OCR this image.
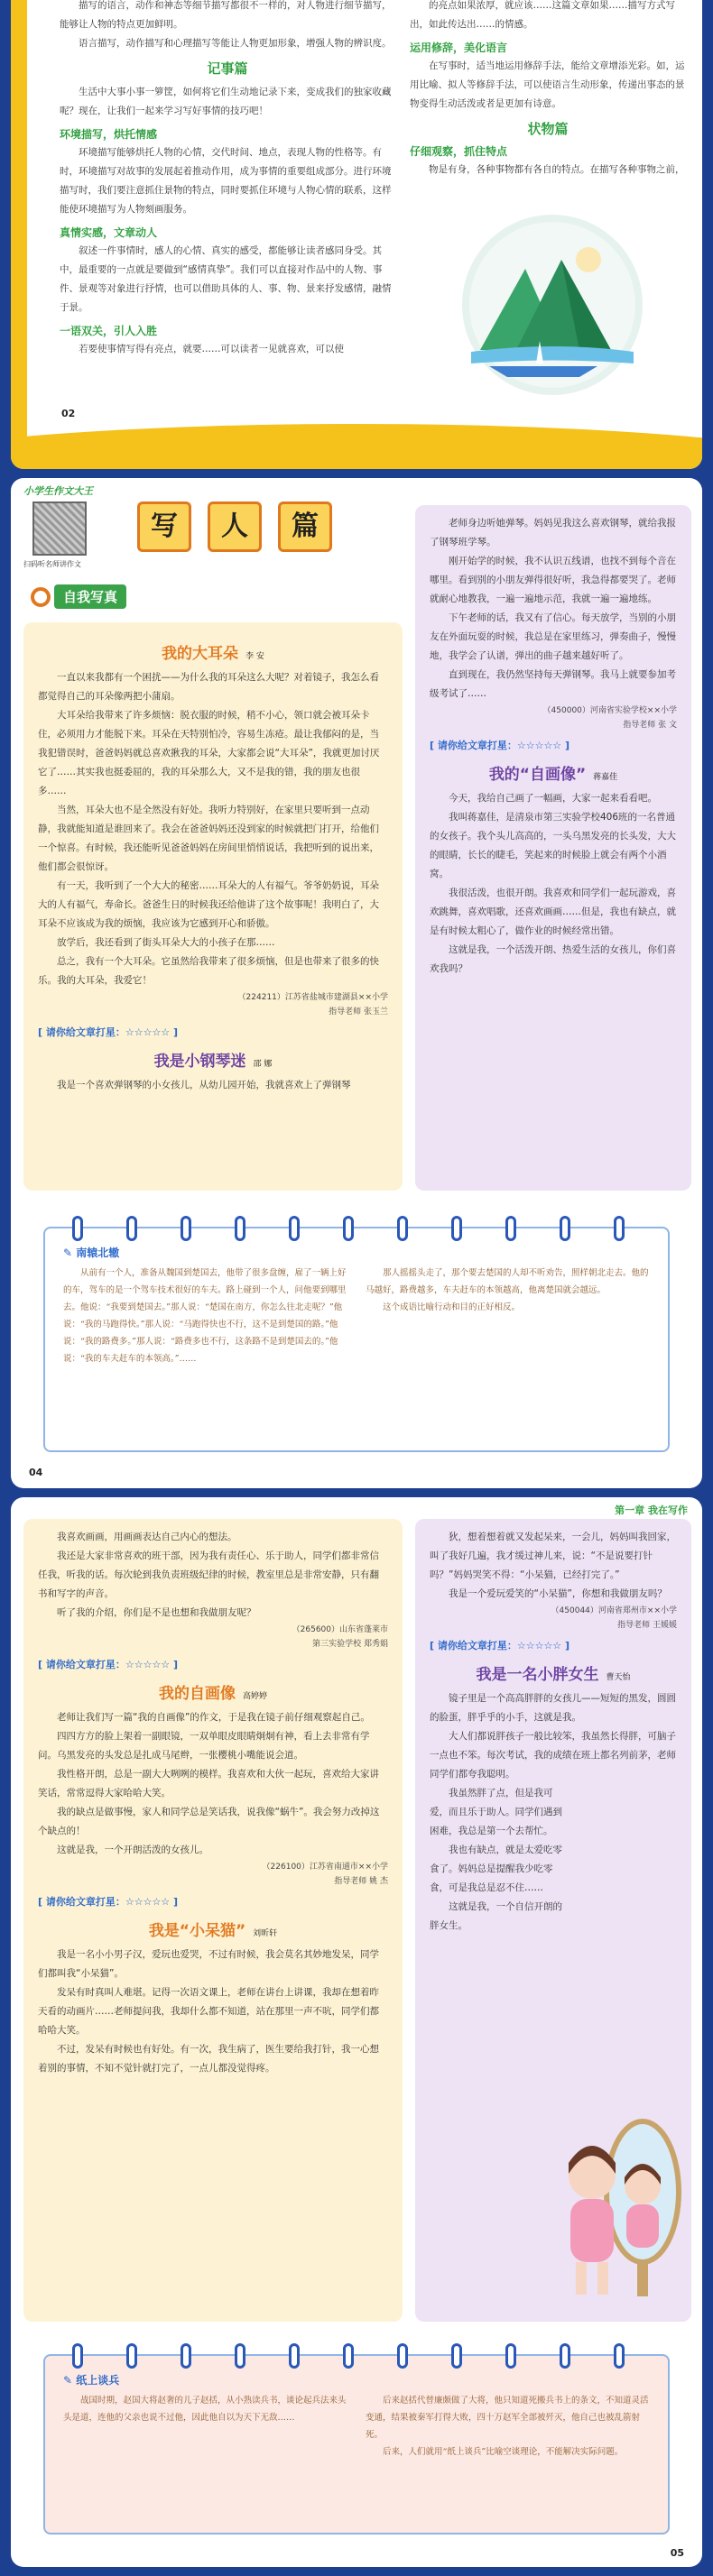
描写的语言，动作和神态等细节描写都很不一样的，对人物进行细节描写，能够让人物的特点更加鲜明。

语言描写，动作描写和心理描写等能让人物更加形象，增强人物的辨识度。

记事篇

生活中大事小事一箩筐，如何将它们生动地记录下来，变成我们的独家收藏呢？现在，让我们一起来学习写好事情的技巧吧！

环境描写，烘托情感

环境描写能够烘托人物的心情，交代时间、地点，表现人物的性格等。有时，环境描写对故事的发展起着推动作用，成为事情的重要组成部分。进行环境描写时，我们要注意抓住景物的特点，同时要抓住环境与人物心情的联系，这样能使环境描写为人物刻画服务。

真情实感，文章动人

叙述一件事情时，感人的心情、真实的感受，都能够让读者感同身受。其中，最重要的一点就是要做到“感情真挚”。我们可以直接对作品中的人物、事件、景观等对象进行抒情，也可以借助具体的人、事、物、景来抒发感情，融情于景。

一语双关，引人入胜

若要使事情写得有亮点，就要……可以读者一见就喜欢，可以使

02

的亮点如果浓厚，就应该……这篇文章如果……描写方式写出，如此传达出……的情感。

运用修辞，美化语言

在写事时，适当地运用修辞手法，能给文章增添光彩。如，运用比喻、拟人等修辞手法，可以使语言生动形象，传递出事态的景物变得生动活泼或者是更加有诗意。

状物篇
仔细观察，抓住特点

物是有身，各种事物都有各自的特点。在描写各种事物之前，

小学生作文大王
扫码听名师讲作文
写	人	篇
自我写真
我的大耳朵 李 安

一直以来我都有一个困扰——为什么我的耳朵这么大呢？对着镜子，我怎么看都觉得自己的耳朵像两把小蒲扇。

大耳朵给我带来了许多烦恼：脱衣服的时候，稍不小心，领口就会被耳朵卡住，必须用力才能脱下来。耳朵在天特别怕冷，容易生冻疮。最让我郁闷的是，当我犯错误时，爸爸妈妈就总喜欢揪我的耳朵，大家都会说“大耳朵”，我就更加讨厌它了……其实我也挺委屈的，我的耳朵那么大，又不是我的错，我的朋友也很多……

当然，耳朵大也不是全然没有好处。我听力特别好，在家里只要听到一点动静，我就能知道是谁回来了。我会在爸爸妈妈还没到家的时候就把门打开，给他们一个惊喜。有时候，我还能听见爸爸妈妈在房间里悄悄说话，我把听到的说出来，他们都会很惊讶。

有一天，我听到了一个大大的秘密……耳朵大的人有福气。爷爷奶奶说，耳朵大的人有福气，寿命长。爸爸生日的时候我还给他讲了这个故事呢！我明白了，大耳朵不应该成为我的烦恼，我应该为它感到开心和骄傲。

放学后，我还看到了街头耳朵大大的小孩子在那……

总之，我有一个大耳朵。它虽然给我带来了很多烦恼，但是也带来了很多的快乐。我的大耳朵，我爱它！

（224211）江苏省盐城市建湖县××小学

指导老师 张玉兰

[ 请你给文章打星：☆☆☆☆☆ ]

我是小钢琴迷 邵 娜

我是一个喜欢弹钢琴的小女孩儿，从幼儿园开始，我就喜欢上了弹钢琴

老师身边听她弹琴。妈妈见我这么喜欢钢琴，就给我报了钢琴班学琴。

刚开始学的时候，我不认识五线谱，也找不到每个音在哪里。看到别的小朋友弹得很好听，我急得都要哭了。老师就耐心地教我，一遍一遍地示范，我就一遍一遍地练。

下午老师的话，我又有了信心。每天放学，当别的小朋友在外面玩耍的时候，我总是在家里练习，弹奏曲子，慢慢地，我学会了认谱，弹出的曲子越来越好听了。

直到现在，我仍然坚持每天弹钢琴。我马上就要参加考级考试了……

（450000）河南省实验学校××小学

指导老师 张 文

[ 请你给文章打星：☆☆☆☆☆ ]

我的“自画像” 蒋嘉佳

今天，我给自己画了一幅画，大家一起来看看吧。

我叫蒋嘉佳，是清泉市第三实验学校406班的一名普通的女孩子。我个头儿高高的，一头乌黑发亮的长头发，大大的眼睛，长长的睫毛，笑起来的时候脸上就会有两个小酒窝。

我很活泼，也很开朗。我喜欢和同学们一起玩游戏，喜欢跳舞，喜欢唱歌，还喜欢画画……但是，我也有缺点，就是有时候太粗心了，做作业的时候经常出错。

这就是我，一个活泼开朗、热爱生活的女孩儿，你们喜欢我吗？

✎ 南辕北辙

从前有一个人，准备从魏国到楚国去，他带了很多盘缠，雇了一辆上好的车，驾车的是一个驾车技术很好的车夫。路上碰到一个人，问他要到哪里去。他说：“我要到楚国去。”那人说：“楚国在南方，你怎么往北走呢？”他说：“我的马跑得快。”那人说：“马跑得快也不行，这不是到楚国的路。”他说：“我的路费多。”那人说：“路费多也不行，这条路不是到楚国去的。”他说：“我的车夫赶车的本领高。”……

那人摇摇头走了，那个要去楚国的人却不听劝告，照样朝北走去。他的马越好，路费越多，车夫赶车的本领越高，他离楚国就会越远。

这个成语比喻行动和目的正好相反。

04
第一章 我在写作

我喜欢画画，用画画表达自己内心的想法。

我还是大家非常喜欢的班干部，因为我有责任心、乐于助人，同学们都非常信任我，听我的话。每次轮到我负责班级纪律的时候，教室里总是非常安静，只有翻书和写字的声音。

听了我的介绍，你们是不是也想和我做朋友呢？

（265600）山东省蓬莱市

第三实验学校 郑秀娟

[ 请你给文章打星：☆☆☆☆☆ ]

我的自画像 高婷婷

老师让我们写一篇“我的自画像”的作文，于是我在镜子前仔细观察起自己。

四四方方的脸上架着一副眼镜，一双单眼皮眼睛炯炯有神，看上去非常有学问。乌黑发亮的头发总是扎成马尾辫，一张樱桃小嘴能说会道。

我性格开朗，总是一副大大咧咧的模样。我喜欢和大伙一起玩，喜欢给大家讲笑话，常常逗得大家哈哈大笑。

我的缺点是做事慢，家人和同学总是笑话我，说我像“蜗牛”。我会努力改掉这个缺点的！

这就是我，一个开朗活泼的女孩儿。

（226100）江苏省南通市××小学

指导老师 姚 杰

[ 请你给文章打星：☆☆☆☆☆ ]

我是“小呆猫” 刘昕轩

我是一名小小男子汉，爱玩也爱哭，不过有时候，我会莫名其妙地发呆，同学们都叫我“小呆猫”。

发呆有时真叫人难堪。记得一次语文课上，老师在讲台上讲课，我却在想着昨天看的动画片……老师提问我，我却什么都不知道，站在那里一声不吭，同学们都哈哈大笑。

不过，发呆有时候也有好处。有一次，我生病了，医生要给我打针，我一心想着别的事情，不知不觉针就打完了，一点儿都没觉得疼。

狄，想着想着就又发起呆来，一会儿，妈妈叫我回家，叫了我好几遍，我才缓过神儿来，说：“不是说要打针吗？”妈妈哭笑不得：“小呆猫，已经打完了。”

我是一个爱玩爱笑的“小呆猫”，你想和我做朋友吗？

（450044）河南省郑州市××小学

指导老师 王媛媛

[ 请你给文章打星：☆☆☆☆☆ ]

我是一名小胖女生 曹天怡

镜子里是一个高高胖胖的女孩儿——短短的黑发，圆圆的脸蛋，胖乎乎的小手，这就是我。

大人们都说胖孩子一般比较笨，我虽然长得胖，可脑子一点也不笨。每次考试，我的成绩在班上都名列前茅，老师同学们都夸我聪明。

我虽然胖了点，但是我可爱，而且乐于助人。同学们遇到困难，我总是第一个去帮忙。

我也有缺点，就是太爱吃零食了。妈妈总是提醒我少吃零食，可是我总是忍不住……

这就是我，一个自信开朗的胖女生。

✎ 纸上谈兵

战国时期，赵国大将赵奢的儿子赵括，从小熟读兵书，谈论起兵法来头头是道，连他的父亲也说不过他，因此他自以为天下无敌……

后来赵括代替廉颇做了大将，他只知道死搬兵书上的条文，不知道灵活变通，结果被秦军打得大败，四十万赵军全部被歼灭，他自己也被乱箭射死。

后来，人们就用“纸上谈兵”比喻空谈理论，不能解决实际问题。

05
